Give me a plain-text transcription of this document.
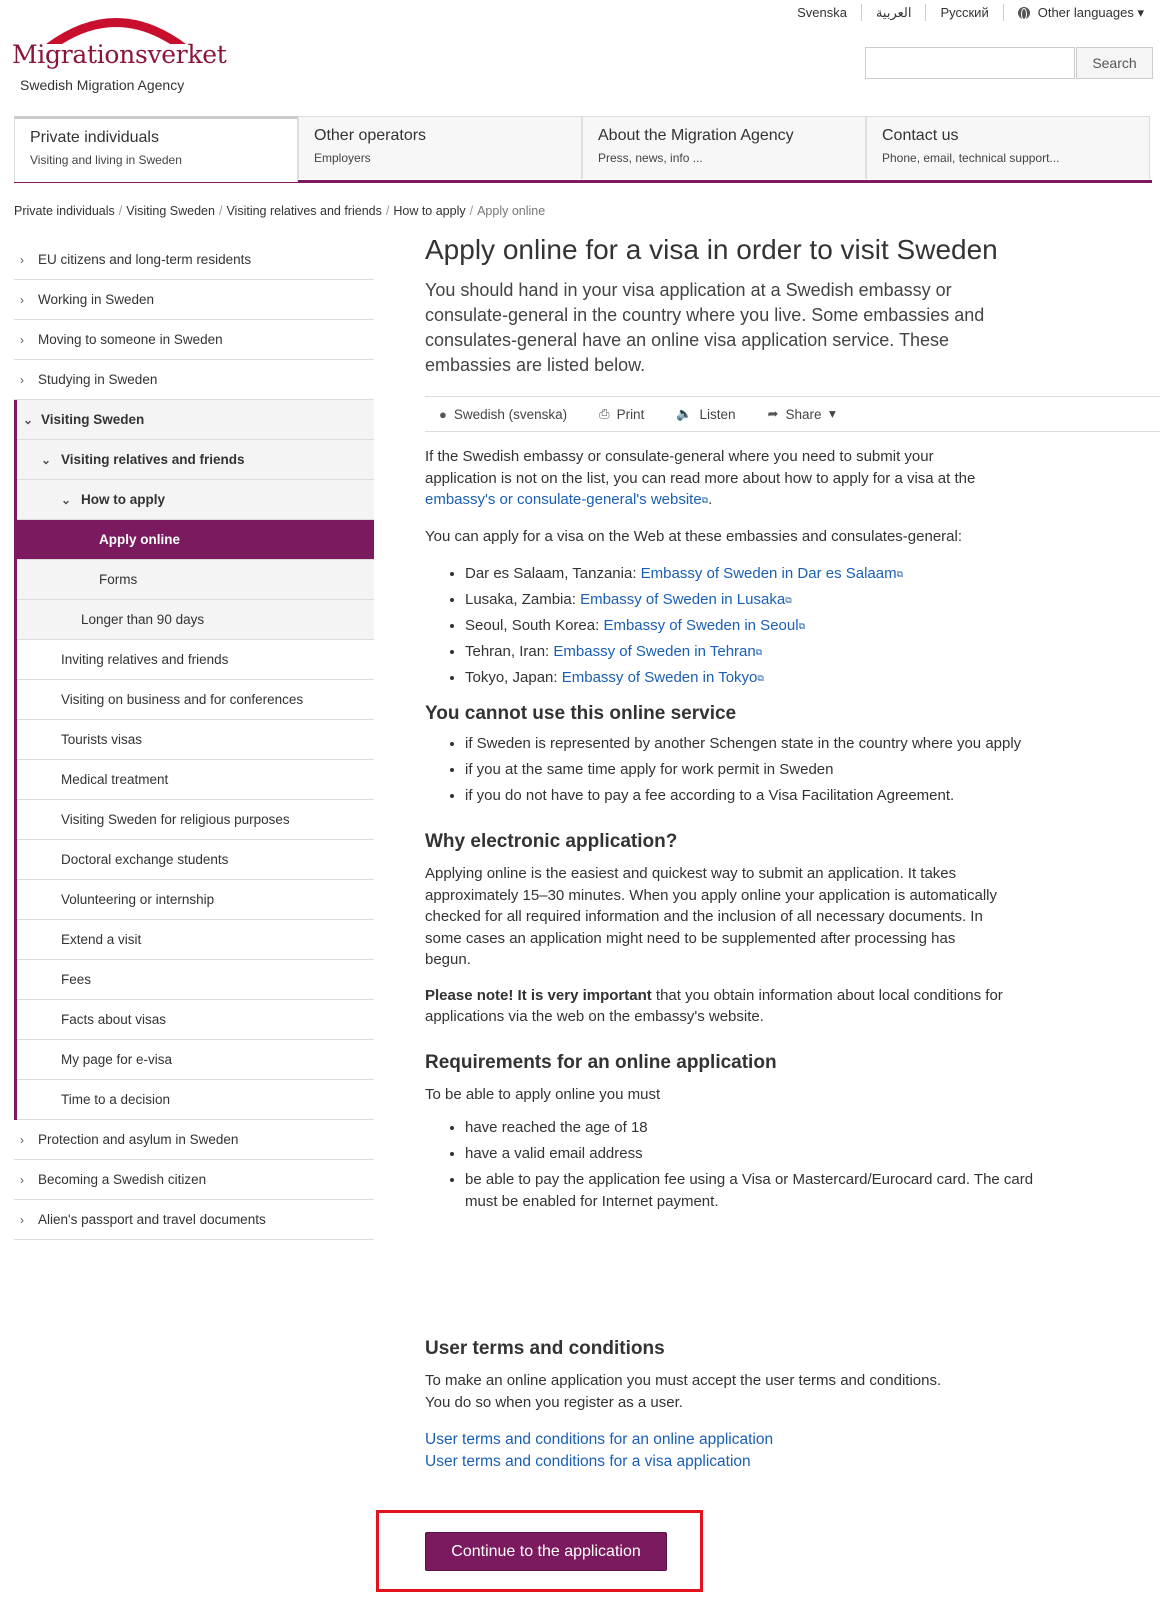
Migrationsverket
Swedish Migration Agency
Svenska	العربية	Русский	Other languages ▾
Search
Private individuals
Visiting and living in Sweden
Other operators
Employers
About the Migration Agency
Press, news, info ...
Contact us
Phone, email, technical support...
Private individuals / Visiting Sweden / Visiting relatives and friends / How to apply / Apply online
› EU citizens and long-term residents
› Working in Sweden
› Moving to someone in Sweden
› Studying in Sweden
⌄ Visiting Sweden
⌄ Visiting relatives and friends
⌄ How to apply
Apply online
Forms
Longer than 90 days
Inviting relatives and friends
Visiting on business and for conferences
Tourists visas
Medical treatment
Visiting Sweden for religious purposes
Doctoral exchange students
Volunteering or internship
Extend a visit
Fees
Facts about visas
My page for e-visa
Time to a decision
› Protection and asylum in Sweden
› Becoming a Swedish citizen
› Alien's passport and travel documents
Apply online for a visa in order to visit Sweden

You should hand in your visa application at a Swedish embassy or consulate-general in the country where you live. Some embassies and consulates-general have an online visa application service. These embassies are listed below.

● Swedish (svenska) ⎙ Print 🔈 Listen ➦ Share
▾

If the Swedish embassy or consulate-general where you need to submit your application is not on the list, you can read more about how to apply for a visa at the embassy's or consulate-general's website⧉.

You can apply for a visa on the Web at these embassies and consulates-general:

• Dar es Salaam, Tanzania: Embassy of Sweden in Dar es Salaam⧉
• Lusaka, Zambia: Embassy of Sweden in Lusaka⧉
• Seoul, South Korea: Embassy of Sweden in Seoul⧉
• Tehran, Iran: Embassy of Sweden in Tehran⧉
• Tokyo, Japan: Embassy of Sweden in Tokyo⧉
You cannot use this online service
• if Sweden is represented by another Schengen state in the country where you apply
• if you at the same time apply for work permit in Sweden
• if you do not have to pay a fee according to a Visa Facilitation Agreement.
Why electronic application?

Applying online is the easiest and quickest way to submit an application. It takes approximately 15–30 minutes. When you apply online your application is automatically checked for all required information and the inclusion of all necessary documents. In some cases an application might need to be supplemented after processing has begun.

Please note! It is very important that you obtain information about local conditions for applications via the web on the embassy's website.

Requirements for an online application

To be able to apply online you must

• have reached the age of 18
• have a valid email address
• be able to pay the application fee using a Visa or Mastercard/Eurocard card. The card must be enabled for Internet payment.
User terms and conditions

To make an online application you must accept the user terms and conditions. You do so when you register as a user.

User terms and conditions for an online application
User terms and conditions for a visa application
Continue to the application
